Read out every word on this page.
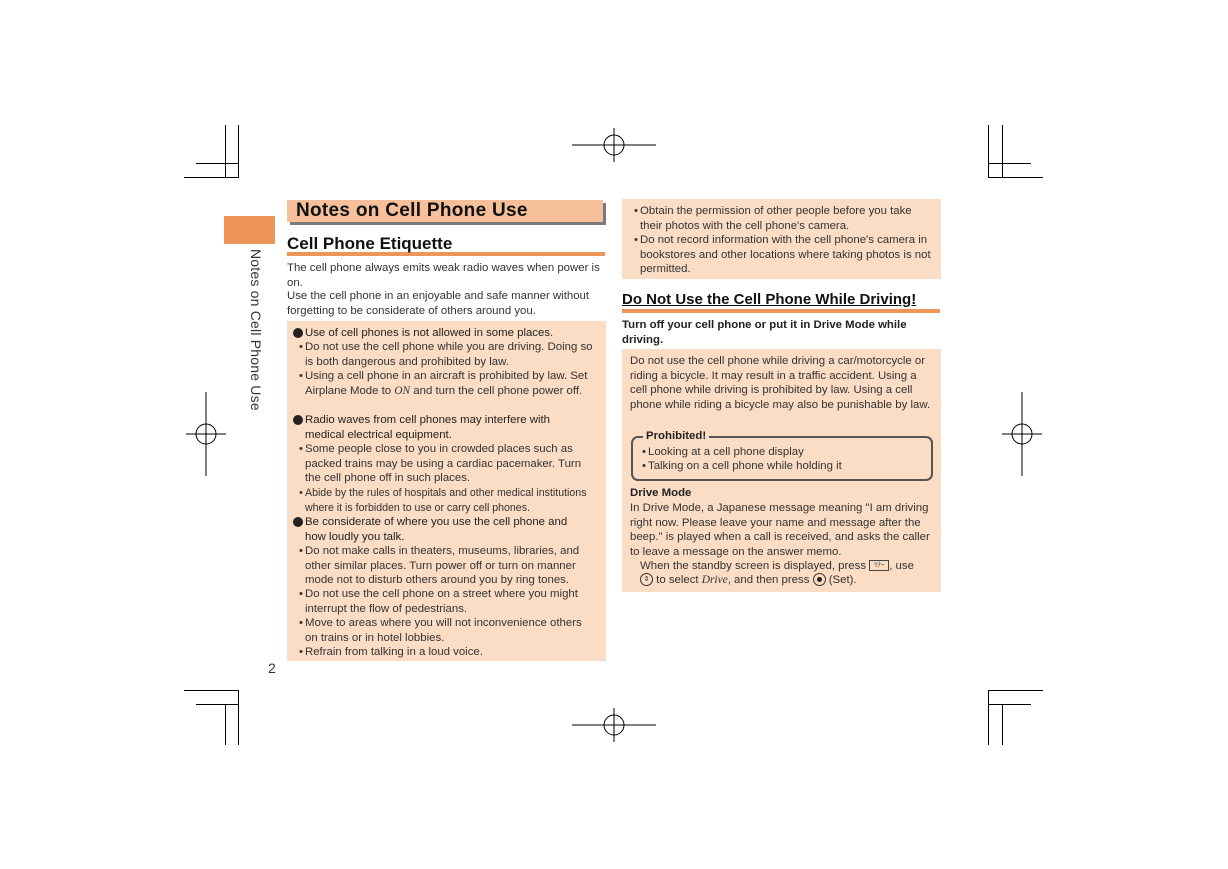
Notes on Cell Phone Use
2
Notes on Cell Phone Use
Cell Phone Etiquette
The cell phone always emits weak radio waves when power is on.
Use the cell phone in an enjoyable and safe manner without forgetting to be considerate of others around you.
Use of cell phones is not allowed in some places.
• Do not use the cell phone while you are driving. Doing so is both dangerous and prohibited by law.
• Using a cell phone in an aircraft is prohibited by law. Set Airplane Mode to ON and turn the cell phone power off.
Radio waves from cell phones may interfere with medical electrical equipment.
• Some people close to you in crowded places such as packed trains may be using a cardiac pacemaker. Turn the cell phone off in such places.
• Abide by the rules of hospitals and other medical institutions where it is forbidden to use or carry cell phones.
Be considerate of where you use the cell phone and how loudly you talk.
• Do not make calls in theaters, museums, libraries, and other similar places. Turn power off or turn on manner mode not to disturb others around you by ring tones.
• Do not use the cell phone on a street where you might interrupt the flow of pedestrians.
• Move to areas where you will not inconvenience others on trains or in hotel lobbies.
• Refrain from talking in a loud voice.
• Obtain the permission of other people before you take their photos with the cell phone's camera.
• Do not record information with the cell phone's camera in bookstores and other locations where taking photos is not permitted.
Do Not Use the Cell Phone While Driving!
Turn off your cell phone or put it in Drive Mode while driving.
Do not use the cell phone while driving a car/motorcycle or riding a bicycle. It may result in a traffic accident. Using a cell phone while driving is prohibited by law. Using a cell phone while riding a bicycle may also be punishable by law.
Prohibited!
• Looking at a cell phone display
• Talking on a cell phone while holding it
Drive Mode
In Drive Mode, a Japanese message meaning "I am driving right now. Please leave your name and message after the beep." is played when a call is received, and asks the caller to leave a message on the answer memo.
When the standby screen is displayed, press ﾏﾅｰ , use
⇕ to select Drive, and then press (Set).
